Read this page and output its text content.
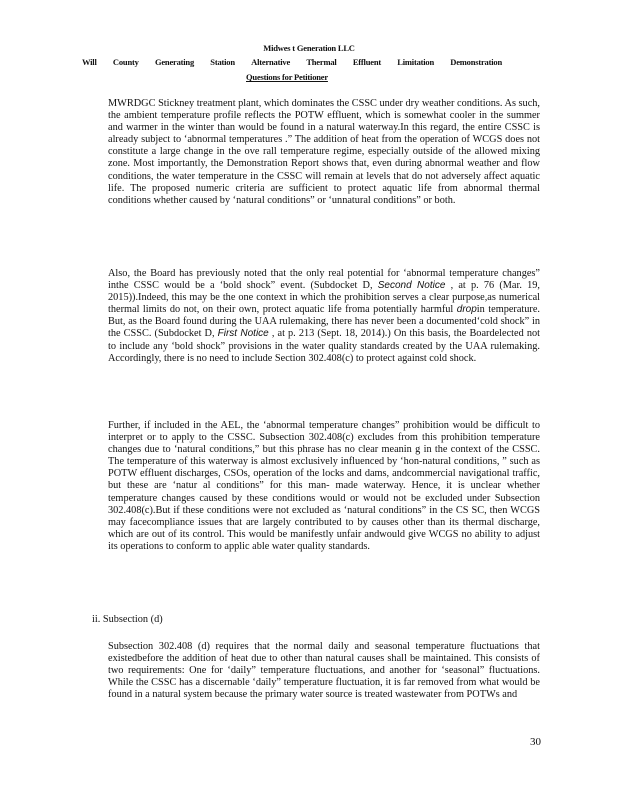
Midwes t Generation LLC
Will County Generating Station Alternative Thermal Effluent Limitation Demonstration
Questions for Petitioner

MWRDGC Stickney treatment plant, which dominates the CSSC under dry weather conditions. As such, the ambient temperature profile reflects the POTW effluent, which is somewhat cooler in the summer and warmer in the winter than would be found in a natural waterway.In this regard, the entire CSSC is already subject to ‘abnormal temperatures .” The addition of heat from the operation of WCGS does not constitute a large change in the ove rall temperature regime, especially outside of the allowed mixing zone. Most importantly, the Demonstration Report shows that, even during abnormal weather and flow conditions, the water temperature in the CSSC will remain at levels that do not adversely affect aquatic life. The proposed numeric criteria are sufficient to protect aquatic life from abnormal thermal conditions whether caused by ‘natural conditions” or ‘unnatural conditions” or both.

Also, the Board has previously noted that the only real potential for ‘abnormal temperature changes” inthe CSSC would be a ‘bold shock” event. (Subdocket D, Second Notice , at p. 76 (Mar. 19, 2015)).Indeed, this may be the one context in which the prohibition serves a clear purpose,as numerical thermal limits do not, on their own, protect aquatic life froma potentially harmful dropin temperature. But, as the Board found during the UAA rulemaking, there has never been a documented‘cold shock” in the CSSC. (Subdocket D, First Notice , at p. 213 (Sept. 18, 2014).) On this basis, the Boardelected not to include any ‘bold shock” provisions in the water quality standards created by the UAA rulemaking. Accordingly, there is no need to include Section 302.408(c) to protect against cold shock.

Further, if included in the AEL, the ‘abnormal temperature changes” prohibition would be difficult to interpret or to apply to the CSSC. Subsection 302.408(c) excludes from this prohibition temperature changes due to ‘natural conditions,” but this phrase has no clear meanin g in the context of the CSSC. The temperature of this waterway is almost exclusively influenced by ‘hon-natural conditions, ” such as POTW effluent discharges, CSOs, operation of the locks and dams, andcommercial navigational traffic, but these are ‘natur al conditions” for this man- made waterway. Hence, it is unclear whether temperature changes caused by these conditions would or would not be excluded under Subsection 302.408(c).But if these conditions were not excluded as ‘natural conditions” in the CS SC, then WCGS may facecompliance issues that are largely contributed to by causes other than its thermal discharge, which are out of its control. This would be manifestly unfair andwould give WCGS no ability to adjust its operations to conform to applic able water quality standards.

ii. Subsection (d)

Subsection 302.408 (d) requires that the normal daily and seasonal temperature fluctuations that existedbefore the addition of heat due to other than natural causes shall be maintained. This consists of two requirements: One for ‘daily” temperature fluctuations, and another for ‘seasonal” fluctuations. While the CSSC has a discernable ‘daily” temperature fluctuation, it is far removed from what would be found in a natural system because the primary water source is treated wastewater from POTWs and

30
